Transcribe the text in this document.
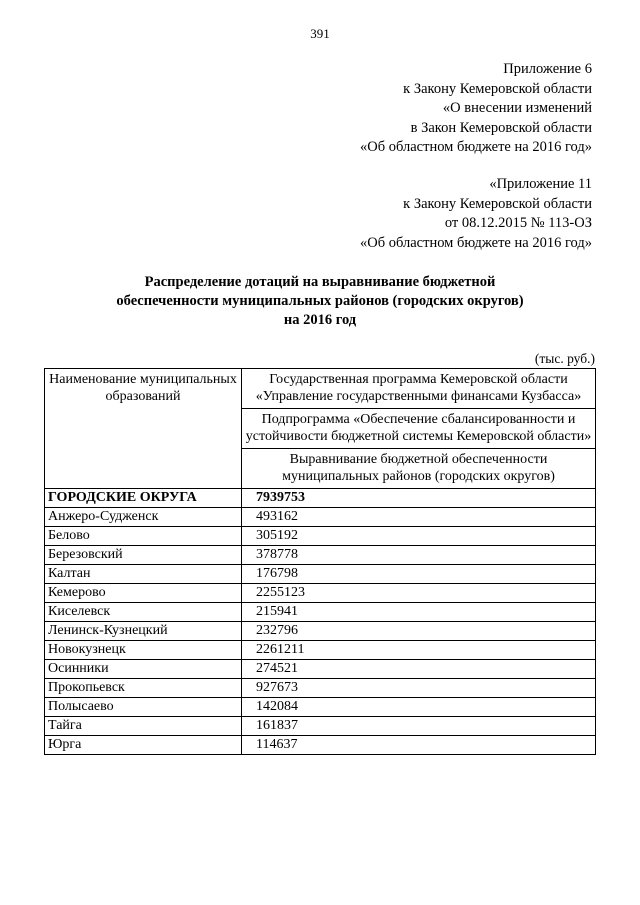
391
Приложение 6
к Закону Кемеровской области
«О внесении изменений
в Закон Кемеровской области
«Об областном бюджете на 2016 год»
«Приложение 11
к Закону Кемеровской области
от 08.12.2015 № 113-ОЗ
«Об областном бюджете на 2016 год»
Распределение дотаций на выравнивание бюджетной
обеспеченности муниципальных районов (городских округов)
на 2016 год
(тыс. руб.)
Наименование муниципальных образований	Государственная программа Кемеровской области «Управление государственными финансами Кузбасса»
	Подпрограмма «Обеспечение сбалансированности и устойчивости бюджетной системы Кемеровской области»
	Выравнивание бюджетной обеспеченности муниципальных районов (городских округов)
ГОРОДСКИЕ ОКРУГА	7939753
Анжеро-Судженск	493162
Белово	305192
Березовский	378778
Калтан	176798
Кемерово	2255123
Киселевск	215941
Ленинск-Кузнецкий	232796
Новокузнецк	2261211
Осинники	274521
Прокопьевск	927673
Полысаево	142084
Тайга	161837
Юрга	114637
